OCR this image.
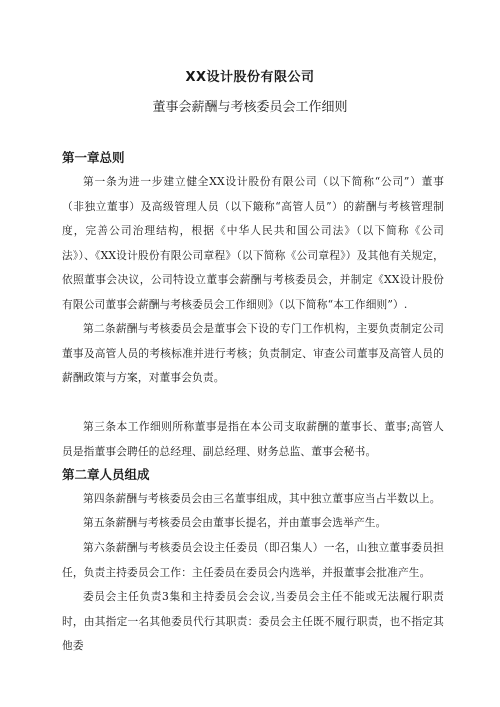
XX设计股份有限公司
董事会薪酬与考核委员会工作细则
第一章总则
第一条为进一步建立健全XX设计股份有限公司（以下简称“公司”）董事（非独立董事）及高级管理人员（以下簸称“高管人员”）的薪酬与考核管理制度，完善公司治理结构，根据《中华人民共和国公司法》（以下简称《公司法》）、《XX设计股份有限公司章程》（以下简称《公司章程》）及其他有关规定，依照董事会决议，公司特设立董事会薪酬与考核委员会，并制定《XX设计股份有限公司董事会薪酬与考核委员会工作细则》（以下简称“本工作细则”）.
第二条薪酬与考核委员会是董事会下设的专门工作机构，主要负责制定公司董事及高管人员的考核标准并进行考核；负责制定、审查公司董事及高管人员的薪酬政策与方案，对董事会负责。
第三条本工作细则所称董事是指在本公司支取薪酬的董事长、董事;高管人员是指董事会聘任的总经理、副总经理、财务总监、董事会秘书。
第二章人员组成
第四条薪酬与考核委员会由三名董事组成，其中独立董事应当占半数以上。
第五条薪酬与考核委员会由董事长提名，并由董事会选举产生。
第六条薪酬与考核委员会设主任委员（即召集人）一名，山独立董事委员担任，负责主持委员会工作：主任委员在委员会内选举，并报董事会批准产生。
委员会主任负责3集和主持委员会会议,当委员会主任不能或无法履行职责时，由其指定一名其他委员代行其职责：委员会主任既不履行职责，也不指定其他委
